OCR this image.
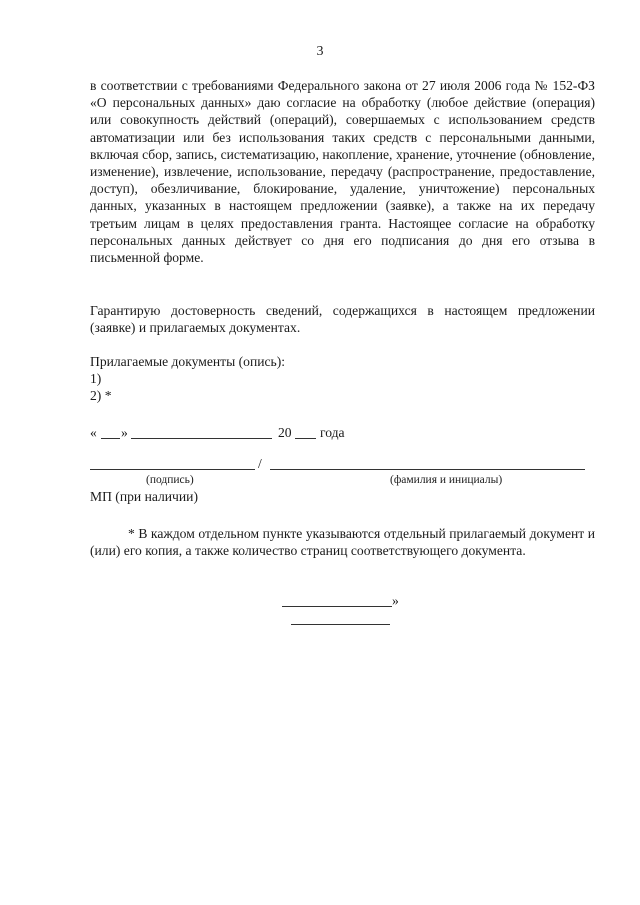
3

в соответствии с требованиями Федерального закона от 27 июля 2006 года № 152-ФЗ «О персональных данных» даю согласие на обработку (любое действие (операция) или совокупность действий (операций), совершаемых с использованием средств автоматизации или без использования таких средств с персональными данными, включая сбор, запись, систематизацию, накопление, хранение, уточнение (обновление, изменение), извлечение, использование, передачу (распространение, предоставление, доступ), обезличивание, блокирование, удаление, уничтожение) персональных данных, указанных в настоящем предложении (заявке), а также на их передачу третьим лицам в целях предоставления гранта. Настоящее согласие на обработку персональных данных действует со дня его подписания до дня его отзыва в письменной форме.

Гарантирую достоверность сведений, содержащихся в настоящем предложении (заявке) и прилагаемых документах.

Прилагаемые документы (опись):
1)
2) *
« »	20 года
/
(подпись)	(фамилия и инициалы)
МП (при наличии)

* В каждом отдельном пункте указываются отдельный прилагаемый документ и (или) его копия, а также количество страниц соответствующего документа.

»
